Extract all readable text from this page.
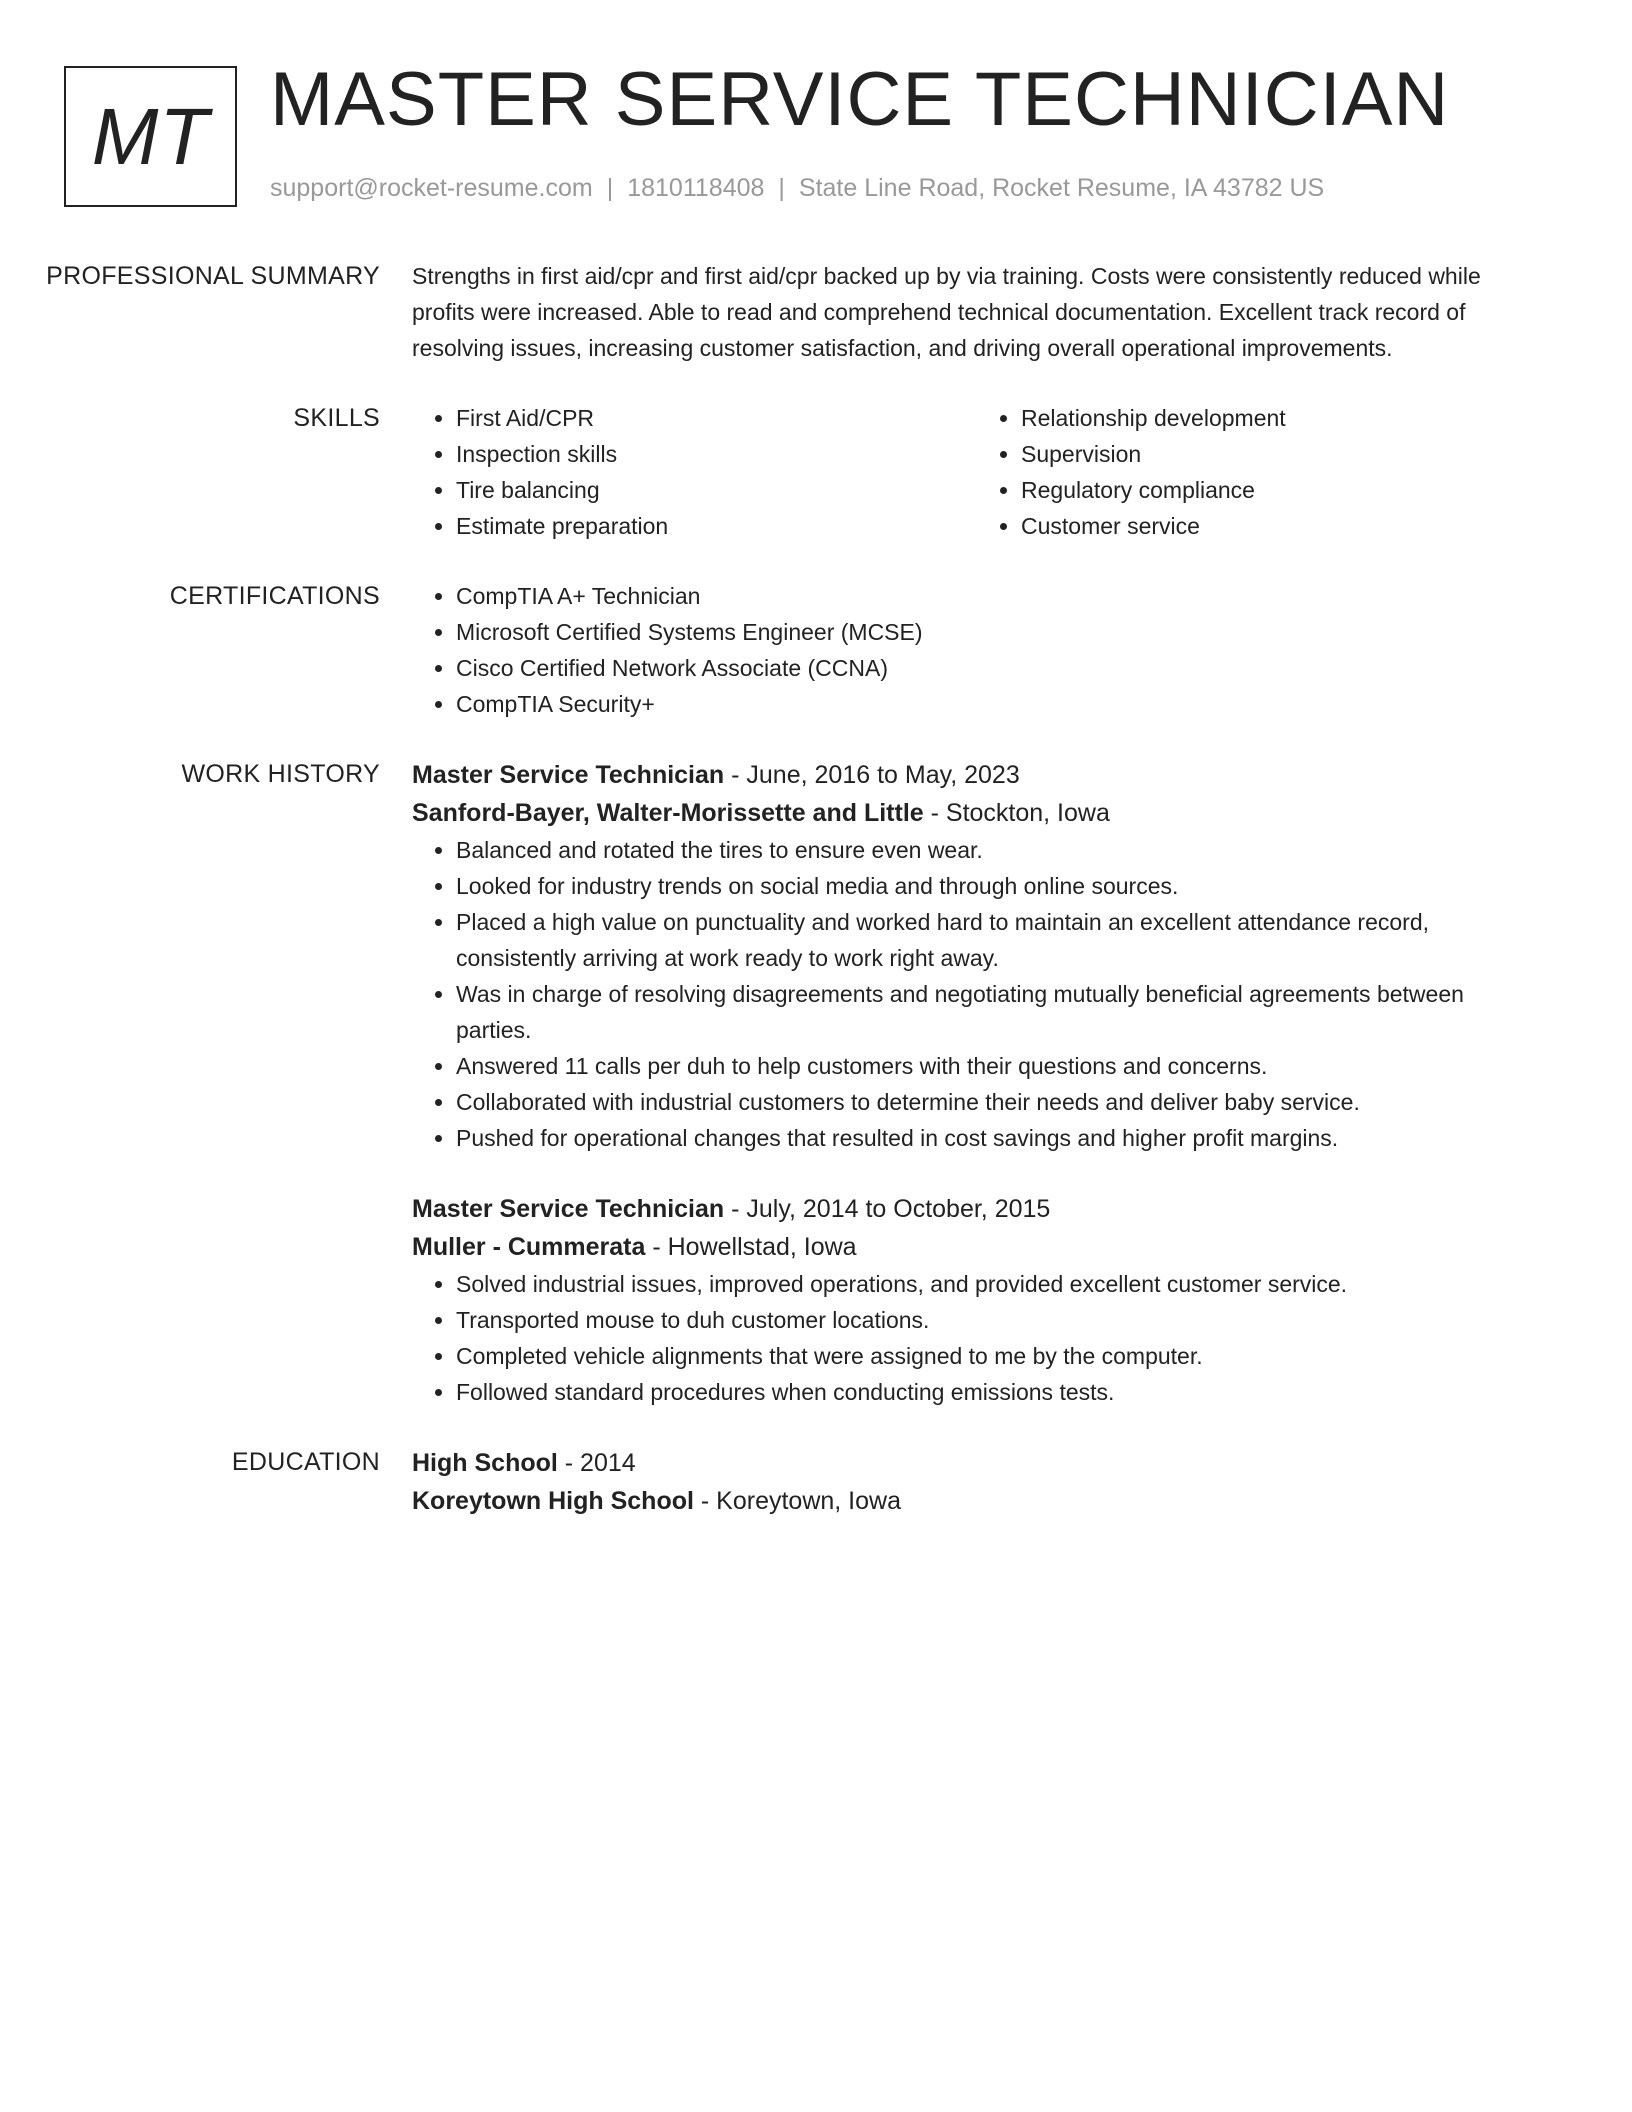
MT MASTER SERVICE TECHNICIAN
support@rocket-resume.com | 1810118408 | State Line Road, Rocket Resume, IA 43782 US
PROFESSIONAL SUMMARY	Strengths in first aid/cpr and first aid/cpr backed up by via training. Costs were consistently reduced while profits were increased. Able to read and comprehend technical documentation. Excellent track record of resolving issues, increasing customer satisfaction, and driving overall operational improvements.

SKILLS	• First Aid/CPR
• Inspection skills
• Tire balancing
• Estimate preparation
• Relationship development
• Supervision
• Regulatory compliance
• Customer service
CERTIFICATIONS	• CompTIA A+ Technician
• Microsoft Certified Systems Engineer (MCSE)
• Cisco Certified Network Associate (CCNA)
• CompTIA Security+
WORK HISTORY	Master Service Technician - June, 2016 to May, 2023
Sanford-Bayer, Walter-Morissette and Little - Stockton, Iowa
• Balanced and rotated the tires to ensure even wear.
• Looked for industry trends on social media and through online sources.
• Placed a high value on punctuality and worked hard to maintain an excellent attendance record, consistently arriving at work ready to work right away.
• Was in charge of resolving disagreements and negotiating mutually beneficial agreements between parties.
• Answered 11 calls per duh to help customers with their questions and concerns.
• Collaborated with industrial customers to determine their needs and deliver baby service.
• Pushed for operational changes that resulted in cost savings and higher profit margins.
Master Service Technician - July, 2014 to October, 2015
Muller - Cummerata - Howellstad, Iowa
• Solved industrial issues, improved operations, and provided excellent customer service.
• Transported mouse to duh customer locations.
• Completed vehicle alignments that were assigned to me by the computer.
• Followed standard procedures when conducting emissions tests.
EDUCATION	High School - 2014
Koreytown High School - Koreytown, Iowa
